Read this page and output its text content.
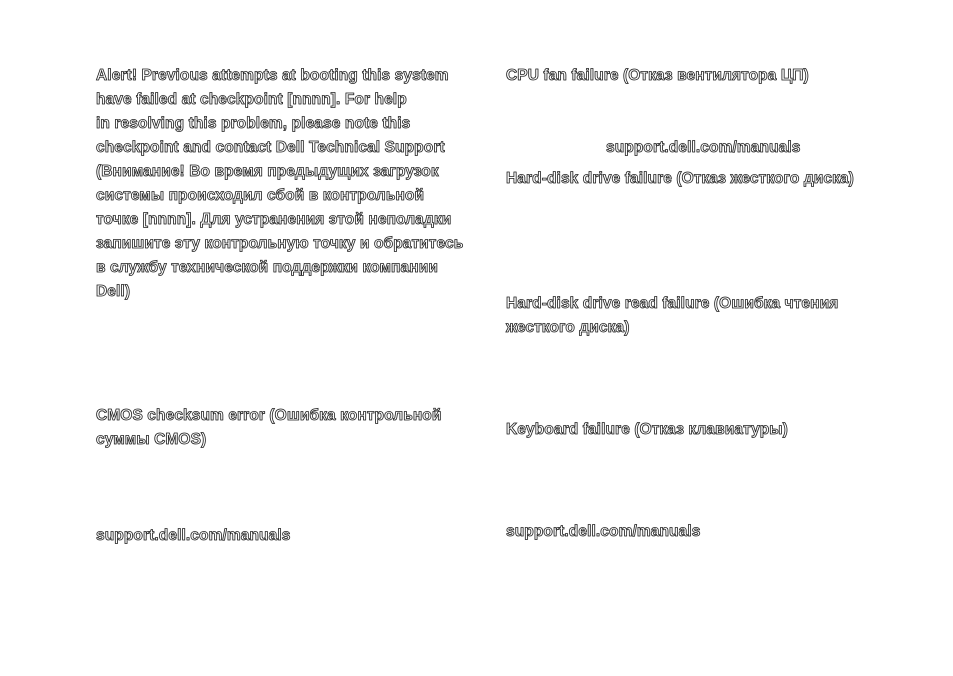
Alert! Previous attempts at booting this system
have failed at checkpoint [nnnn]. For help
in resolving this problem, please note this
checkpoint and contact Dell Technical Support
(Внимание! Во время предыдущих загрузок
системы происходил сбой в контрольной
точке [nnnn]. Для устранения этой неполадки
запишите эту контрольную точку и обратитесь
в службу технической поддержки компании
Dell)

CMOS checksum error (Ошибка контрольной
суммы CMOS)

support.dell.com/manuals

CPU fan failure (Отказ вентилятора ЦП)

support.dell.com/manuals

Hard-disk drive failure (Отказ жесткого диска)

Hard-disk drive read failure (Ошибка чтения
жесткого диска)

Keyboard failure (Отказ клавиатуры)

support.dell.com/manuals
